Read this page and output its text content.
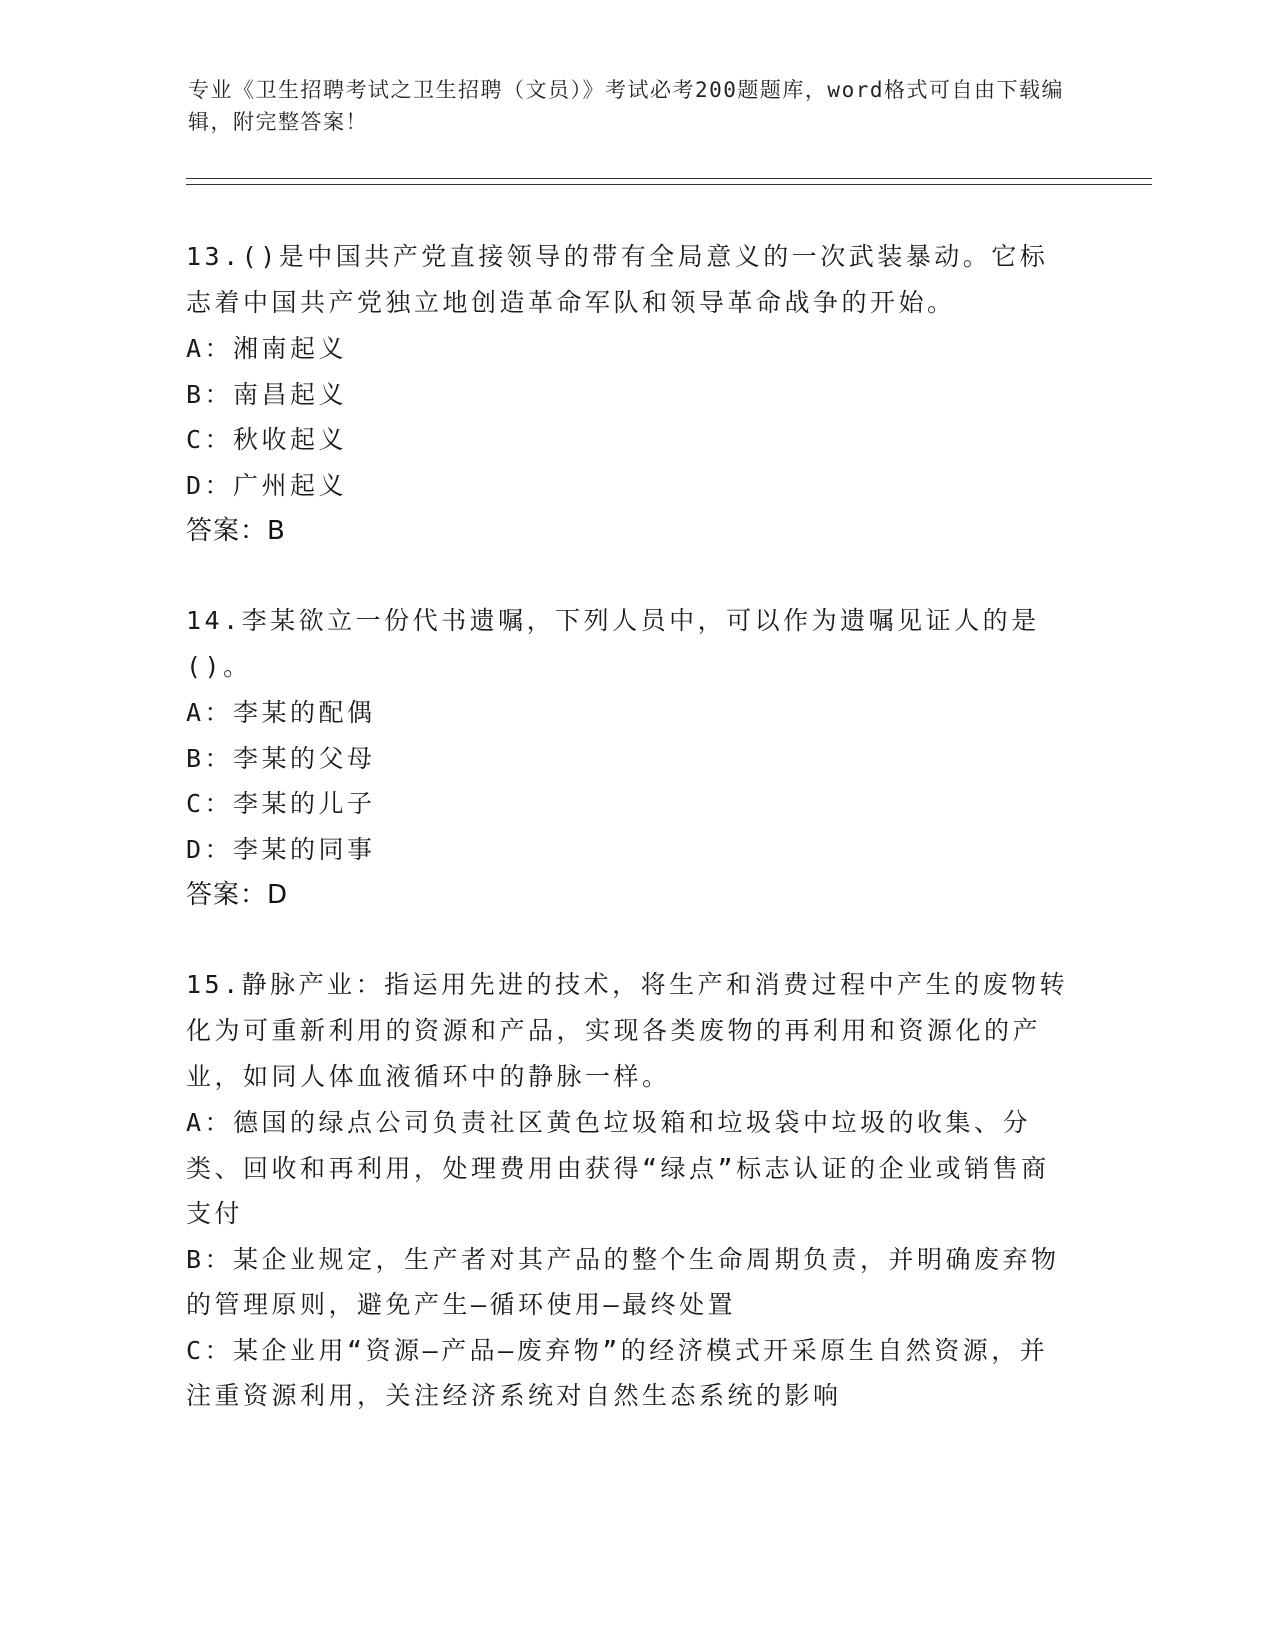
专业《卫生招聘考试之卫生招聘（文员）》考试必考200题题库，word格式可自由下载编辑，附完整答案！

13.()是中国共产党直接领导的带有全局意义的一次武装暴动。它标志着中国共产党独立地创造革命军队和领导革命战争的开始。

A：湘南起义

B：南昌起义

C：秋收起义

D：广州起义

答案：B

14.李某欲立一份代书遗嘱，下列人员中，可以作为遗嘱见证人的是()。

A：李某的配偶

B：李某的父母

C：李某的儿子

D：李某的同事

答案：D

15.静脉产业：指运用先进的技术，将生产和消费过程中产生的废物转化为可重新利用的资源和产品，实现各类废物的再利用和资源化的产业，如同人体血液循环中的静脉一样。

A：德国的绿点公司负责社区黄色垃圾箱和垃圾袋中垃圾的收集、分类、回收和再利用，处理费用由获得“绿点”标志认证的企业或销售商支付

B：某企业规定，生产者对其产品的整个生命周期负责，并明确废弃物的管理原则，避免产生—循环使用—最终处置

C：某企业用“资源—产品—废弃物”的经济模式开采原生自然资源，并注重资源利用，关注经济系统对自然生态系统的影响
